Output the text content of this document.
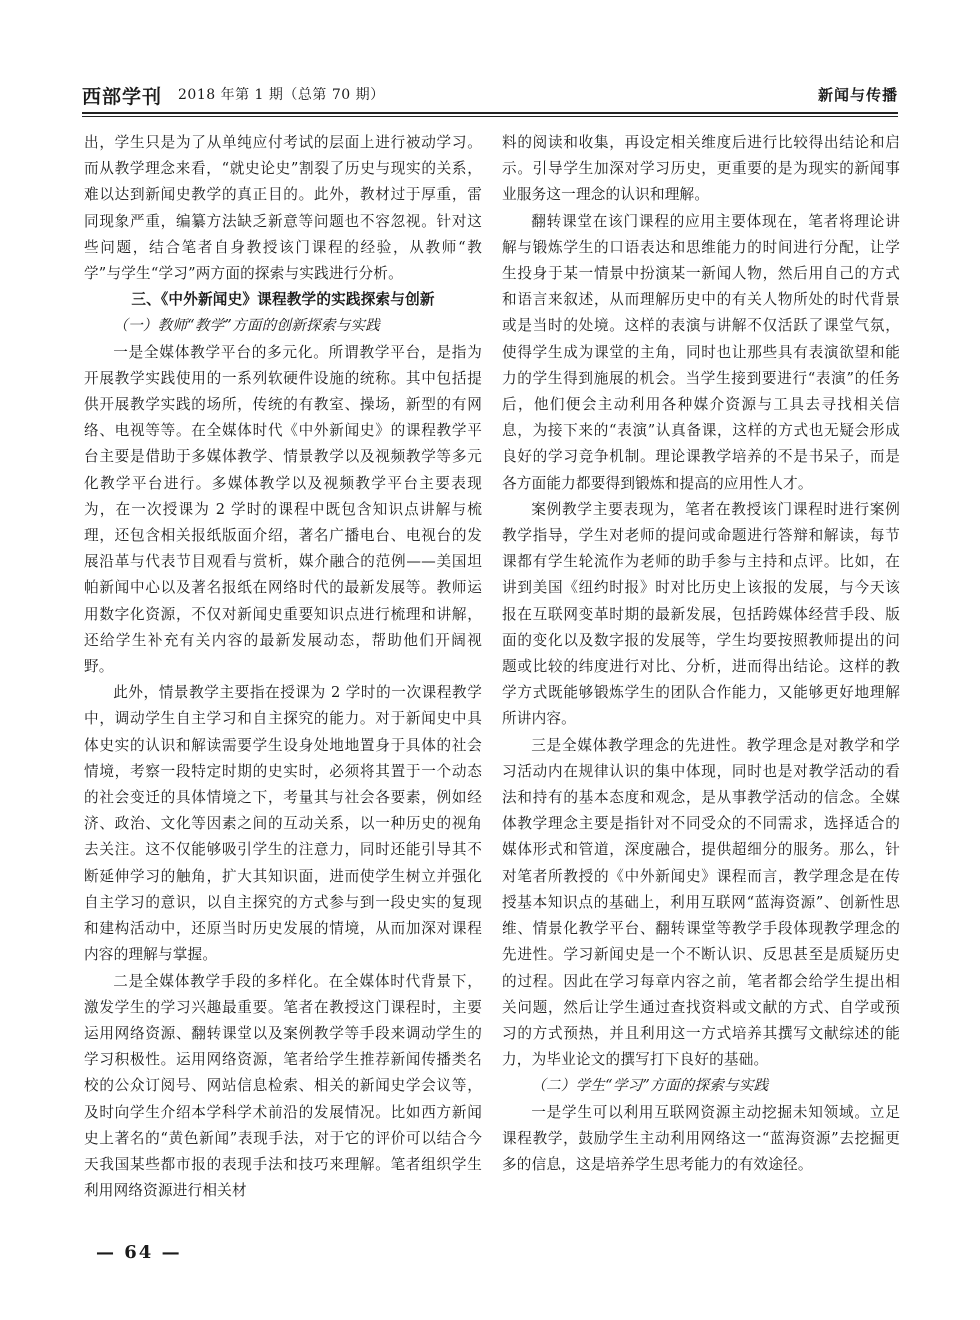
西部学刊 2018 年第 1 期（总第 70 期）	新闻与传播

出，学生只是为了从单纯应付考试的层面上进行被动学习。而从教学理念来看，“就史论史”割裂了历史与现实的关系，难以达到新闻史教学的真正目的。此外，教材过于厚重，雷同现象严重，编纂方法缺乏新意等问题也不容忽视。针对这些问题，结合笔者自身教授该门课程的经验，从教师“教学”与学生“学习”两方面的探索与实践进行分析。

三、《中外新闻史》课程教学的实践探索与创新
（一）教师“教学”方面的创新探索与实践

一是全媒体教学平台的多元化。所谓教学平台，是指为开展教学实践使用的一系列软硬件设施的统称。其中包括提供开展教学实践的场所，传统的有教室、操场，新型的有网络、电视等等。在全媒体时代《中外新闻史》的课程教学平台主要是借助于多媒体教学、情景教学以及视频教学等多元化教学平台进行。多媒体教学以及视频教学平台主要表现为，在一次授课为 2 学时的课程中既包含知识点讲解与梳理，还包含相关报纸版面介绍，著名广播电台、电视台的发展沿革与代表节目观看与赏析，媒介融合的范例——美国坦帕新闻中心以及著名报纸在网络时代的最新发展等。教师运用数字化资源，不仅对新闻史重要知识点进行梳理和讲解，还给学生补充有关内容的最新发展动态，帮助他们开阔视野。

此外，情景教学主要指在授课为 2 学时的一次课程教学中，调动学生自主学习和自主探究的能力。对于新闻史中具体史实的认识和解读需要学生设身处地地置身于具体的社会情境，考察一段特定时期的史实时，必须将其置于一个动态的社会变迁的具体情境之下，考量其与社会各要素，例如经济、政治、文化等因素之间的互动关系，以一种历史的视角去关注。这不仅能够吸引学生的注意力，同时还能引导其不断延伸学习的触角，扩大其知识面，进而使学生树立并强化自主学习的意识，以自主探究的方式参与到一段史实的复现和建构活动中，还原当时历史发展的情境，从而加深对课程内容的理解与掌握。

二是全媒体教学手段的多样化。在全媒体时代背景下，激发学生的学习兴趣最重要。笔者在教授这门课程时，主要运用网络资源、翻转课堂以及案例教学等手段来调动学生的学习积极性。运用网络资源，笔者给学生推荐新闻传播类名校的公众订阅号、网站信息检索、相关的新闻史学会议等，及时向学生介绍本学科学术前沿的发展情况。比如西方新闻史上著名的“黄色新闻”表现手法，对于它的评价可以结合今天我国某些都市报的表现手法和技巧来理解。笔者组织学生利用网络资源进行相关材

料的阅读和收集，再设定相关维度后进行比较得出结论和启示。引导学生加深对学习历史，更重要的是为现实的新闻事业服务这一理念的认识和理解。

翻转课堂在该门课程的应用主要体现在，笔者将理论讲解与锻炼学生的口语表达和思维能力的时间进行分配，让学生投身于某一情景中扮演某一新闻人物，然后用自己的方式和语言来叙述，从而理解历史中的有关人物所处的时代背景或是当时的处境。这样的表演与讲解不仅活跃了课堂气氛，使得学生成为课堂的主角，同时也让那些具有表演欲望和能力的学生得到施展的机会。当学生接到要进行“表演”的任务后，他们便会主动利用各种媒介资源与工具去寻找相关信息，为接下来的“表演”认真备课，这样的方式也无疑会形成良好的学习竞争机制。理论课教学培养的不是书呆子，而是各方面能力都要得到锻炼和提高的应用性人才。

案例教学主要表现为，笔者在教授该门课程时进行案例教学指导，学生对老师的提问或命题进行答辩和解读，每节课都有学生轮流作为老师的助手参与主持和点评。比如，在讲到美国《纽约时报》时对比历史上该报的发展，与今天该报在互联网变革时期的最新发展，包括跨媒体经营手段、版面的变化以及数字报的发展等，学生均要按照教师提出的问题或比较的纬度进行对比、分析，进而得出结论。这样的教学方式既能够锻炼学生的团队合作能力，又能够更好地理解所讲内容。

三是全媒体教学理念的先进性。教学理念是对教学和学习活动内在规律认识的集中体现，同时也是对教学活动的看法和持有的基本态度和观念，是从事教学活动的信念。全媒体教学理念主要是指针对不同受众的不同需求，选择适合的媒体形式和管道，深度融合，提供超细分的服务。那么，针对笔者所教授的《中外新闻史》课程而言，教学理念是在传授基本知识点的基础上，利用互联网“蓝海资源”、创新性思维、情景化教学平台、翻转课堂等教学手段体现教学理念的先进性。学习新闻史是一个不断认识、反思甚至是质疑历史的过程。因此在学习每章内容之前，笔者都会给学生提出相关问题，然后让学生通过查找资料或文献的方式、自学或预习的方式预热，并且利用这一方式培养其撰写文献综述的能力，为毕业论文的撰写打下良好的基础。

（二）学生“学习”方面的探索与实践

一是学生可以利用互联网资源主动挖掘未知领域。立足课程教学，鼓励学生主动利用网络这一“蓝海资源”去挖掘更多的信息，这是培养学生思考能力的有效途径。

— 64 —
